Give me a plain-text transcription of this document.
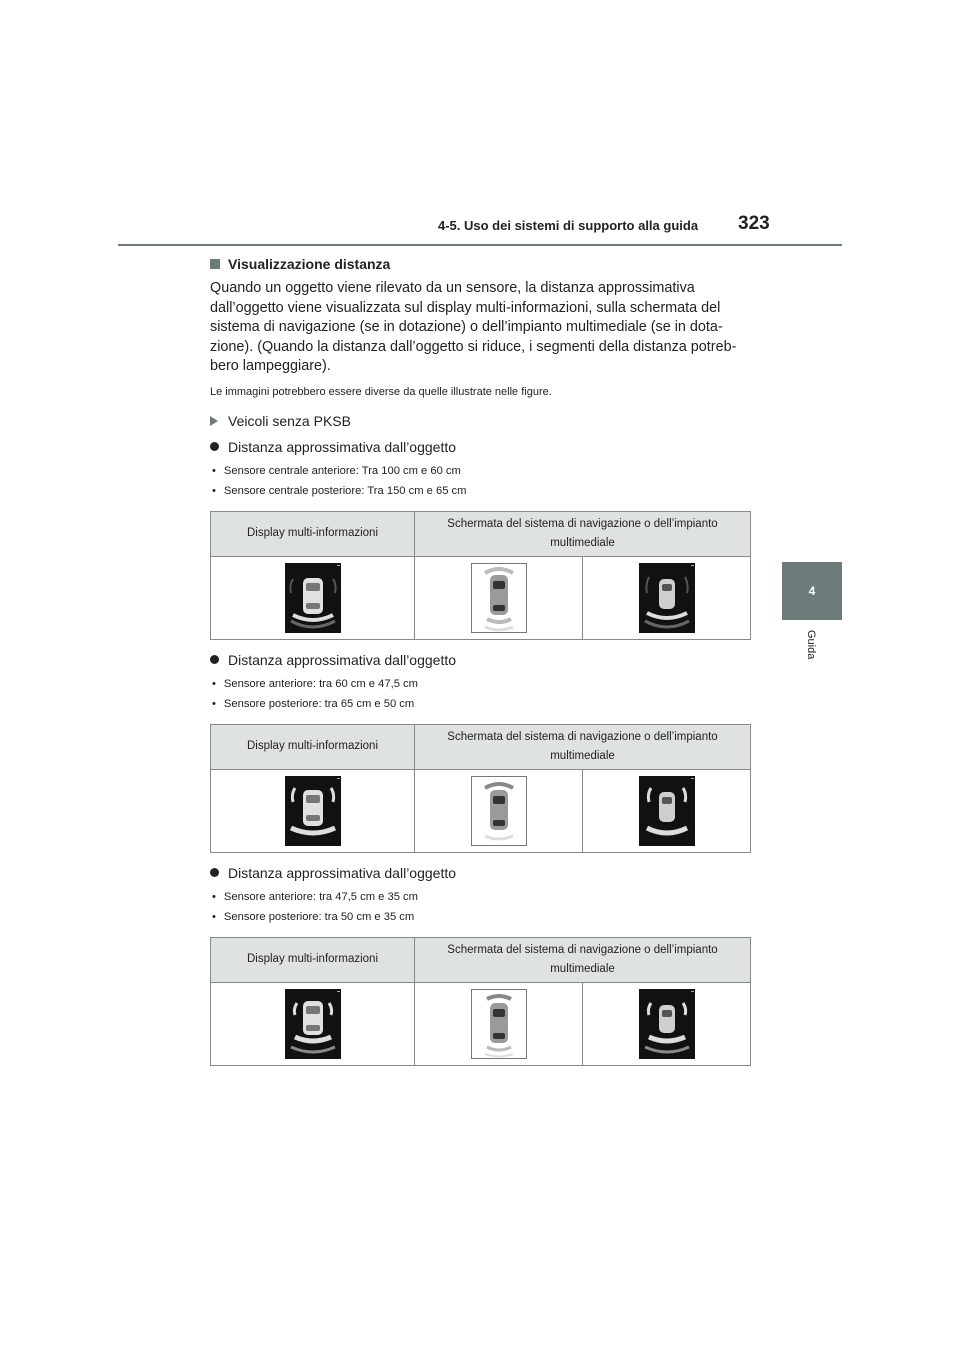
4-5. Uso dei sistemi di supporto alla guida 323
4
Guida
Visualizzazione distanza

Quando un oggetto viene rilevato da un sensore, la distanza approssimativa dall’oggetto viene visualizzata sul display multi-informazioni, sulla schermata del sistema di navigazione (se in dotazione) o dell’impianto multimediale (se in dota-zione). (Quando la distanza dall’oggetto si riduce, i segmenti della distanza potreb-bero lampeggiare).

Le immagini potrebbero essere diverse da quelle illustrate nelle figure.

Veicoli senza PKSB
Distanza approssimativa dall’oggetto

• Sensore centrale anteriore: Tra 100 cm e 60 cm

• Sensore centrale posteriore: Tra 150 cm e 65 cm

Display multi-informazioni	Schermata del sistema di navigazione o dell’impianto multimediale	

Distanza approssimativa dall’oggetto

• Sensore anteriore: tra 60 cm e 47,5 cm

• Sensore posteriore: tra 65 cm e 50 cm

Display multi-informazioni	Schermata del sistema di navigazione o dell’impianto multimediale	

Distanza approssimativa dall’oggetto

• Sensore anteriore: tra 47,5 cm e 35 cm

• Sensore posteriore: tra 50 cm e 35 cm

Display multi-informazioni	Schermata del sistema di navigazione o dell’impianto multimediale	
